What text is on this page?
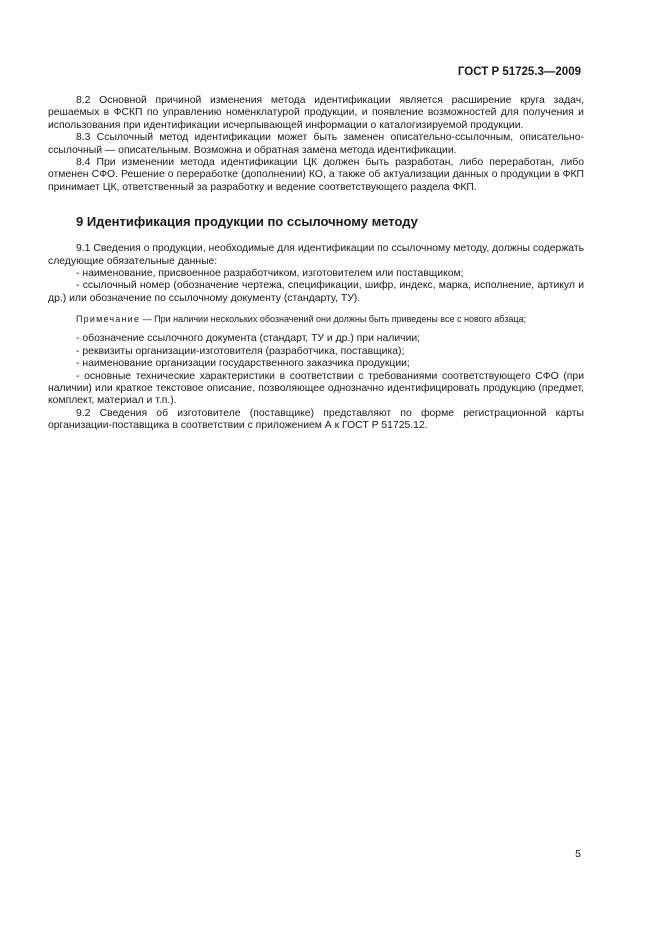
ГОСТ Р 51725.3—2009

8.2 Основной причиной изменения метода идентификации является расширение круга задач, решаемых в ФСКП по управлению номенклатурой продукции, и появление возможностей для получения и использования при идентификации исчерпывающей информации о каталогизируемой продукции.

8.3 Ссылочный метод идентификации может быть заменен описательно-ссылочным, описательно-ссылочный — описательным. Возможна и обратная замена метода идентификации.

8.4 При изменении метода идентификации ЦК должен быть разработан, либо переработан, либо отменен СФО. Решение о переработке (дополнении) КО, а также об актуализации данных о продукции в ФКП принимает ЦК, ответственный за разработку и ведение соответствующего раздела ФКП.

9 Идентификация продукции по ссылочному методу

9.1 Сведения о продукции, необходимые для идентификации по ссылочному методу, должны содержать следующие обязательные данные:

- наименование, присвоенное разработчиком, изготовителем или поставщиком;

- ссылочный номер (обозначение чертежа, спецификации, шифр, индекс, марка, исполнение, артикул и др.) или обозначение по ссылочному документу (стандарту, ТУ).

Примечание — При наличии нескольких обозначений они должны быть приведены все с нового абзаца;

- обозначение ссылочного документа (стандарт, ТУ и др.) при наличии;

- реквизиты организации-изготовителя (разработчика, поставщика);

- наименование организации государственного заказчика продукции;

- основные технические характеристики в соответствии с требованиями соответствующего СФО (при наличии) или краткое текстовое описание, позволяющее однозначно идентифицировать продукцию (предмет, комплект, материал и т.п.).

9.2 Сведения об изготовителе (поставщике) представляют по форме регистрационной карты организации-поставщика в соответствии с приложением А к ГОСТ Р 51725.12.

5
